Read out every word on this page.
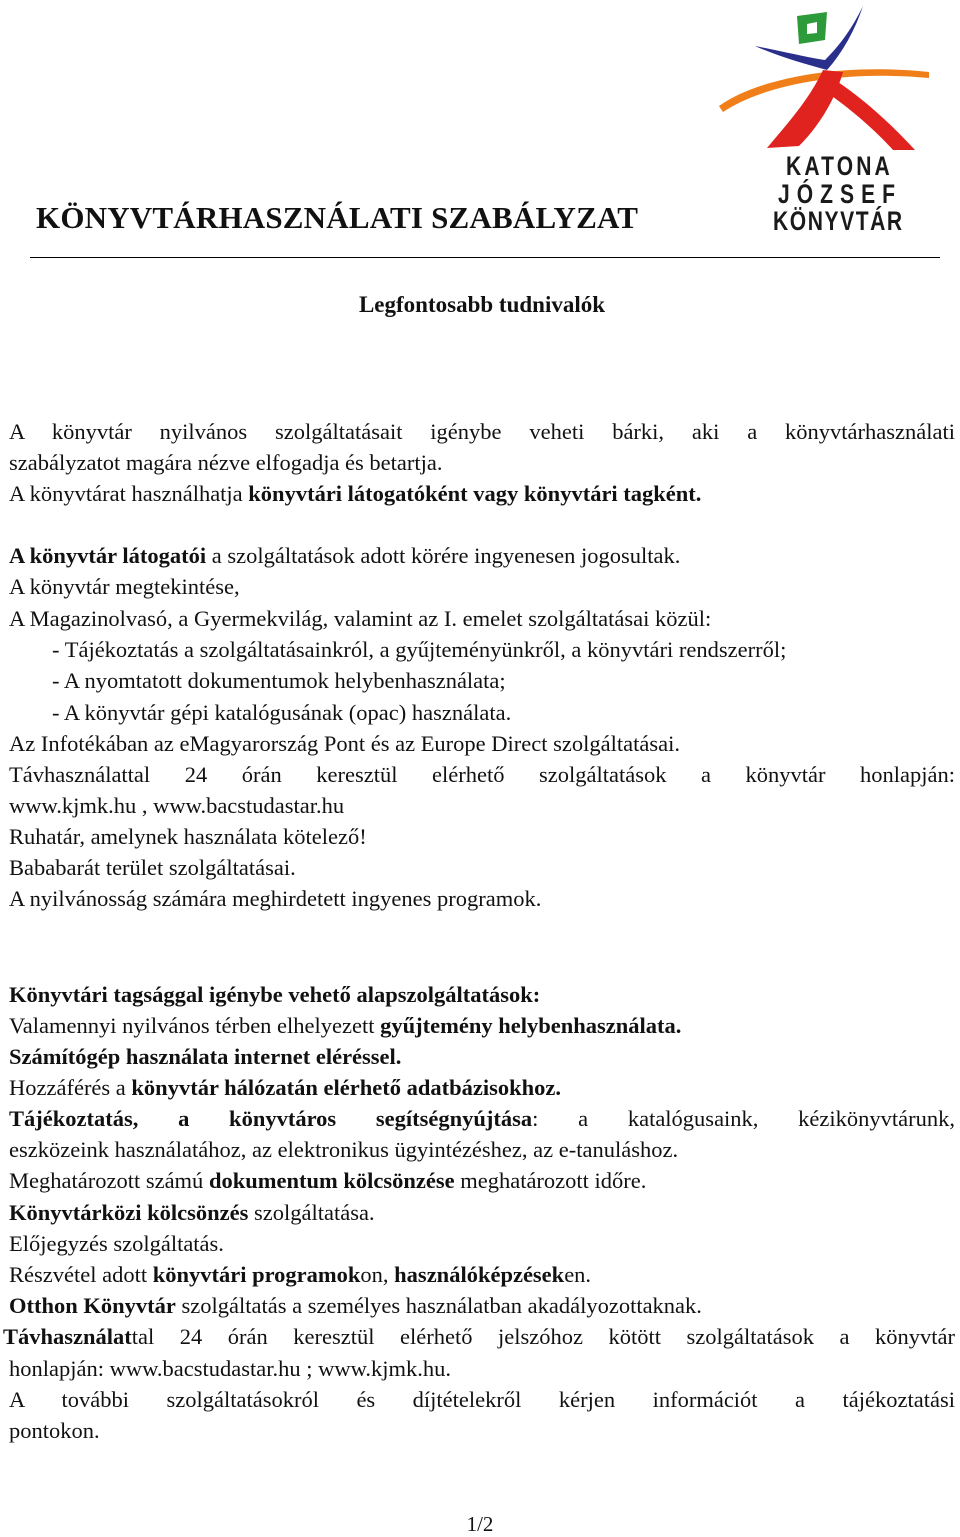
KÖNYVTÁRHASZNÁLATI SZABÁLYZAT
KATONA
JÓZSEF
KÖNYVTÁR
Legfontosabb tudnivalók
A könyvtár nyilvános szolgáltatásait igénybe veheti bárki, aki a könyvtárhasználati
szabályzatot magára nézve elfogadja és betartja.
A könyvtárat használhatja könyvtári látogatóként vagy könyvtári tagként.
A könyvtár látogatói a szolgáltatások adott körére ingyenesen jogosultak.
A könyvtár megtekintése,
A Magazinolvasó, a Gyermekvilág, valamint az I. emelet szolgáltatásai közül:
- Tájékoztatás a szolgáltatásainkról, a gyűjteményünkről, a könyvtári rendszerről;
- A nyomtatott dokumentumok helybenhasználata;
- A könyvtár gépi katalógusának (opac) használata.
Az Infotékában az eMagyarország Pont és az Europe Direct szolgáltatásai.
Távhasználattal 24 órán keresztül elérhető szolgáltatások a könyvtár honlapján:
www.kjmk.hu , www.bacstudastar.hu
Ruhatár, amelynek használata kötelező!
Bababarát terület szolgáltatásai.
A nyilvánosság számára meghirdetett ingyenes programok.
Könyvtári tagsággal igénybe vehető alapszolgáltatások:
Valamennyi nyilvános térben elhelyezett gyűjtemény helybenhasználata.
Számítógép használata internet eléréssel.
Hozzáférés a könyvtár hálózatán elérhető adatbázisokhoz.
Tájékoztatás, a könyvtáros segítségnyújtása: a katalógusaink, kézikönyvtárunk,
eszközeink használatához, az elektronikus ügyintézéshez, az e-tanuláshoz.
Meghatározott számú dokumentum kölcsönzése meghatározott időre.
Könyvtárközi kölcsönzés szolgáltatása.
Előjegyzés szolgáltatás.
Részvétel adott könyvtári programokon, használóképzéseken.
Otthon Könyvtár szolgáltatás a személyes használatban akadályozottaknak.
Távhasználattal 24 órán keresztül elérhető jelszóhoz kötött szolgáltatások a könyvtár
honlapján: www.bacstudastar.hu ; www.kjmk.hu.
A további szolgáltatásokról és díjtételekről kérjen információt a tájékoztatási
pontokon.
1/2
